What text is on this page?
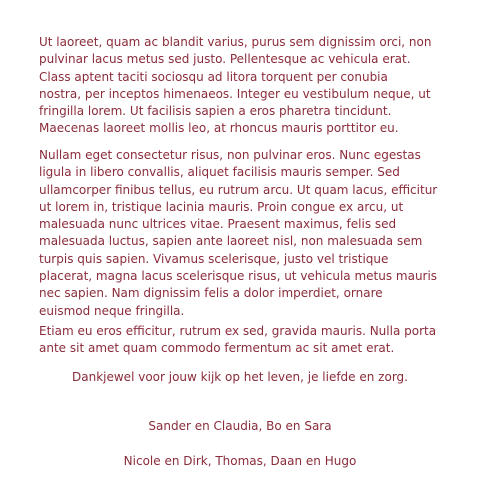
Ut laoreet, quam ac blandit varius, purus sem dignissim orci, non
pulvinar lacus metus sed justo. Pellentesque ac vehicula erat.
Class aptent taciti sociosqu ad litora torquent per conubia
nostra, per inceptos himenaeos. Integer eu vestibulum neque, ut
fringilla lorem. Ut facilisis sapien a eros pharetra tincidunt.
Maecenas laoreet mollis leo, at rhoncus mauris porttitor eu.

Nullam eget consectetur risus, non pulvinar eros. Nunc egestas
ligula in libero convallis, aliquet facilisis mauris semper. Sed
ullamcorper finibus tellus, eu rutrum arcu. Ut quam lacus, efficitur
ut lorem in, tristique lacinia mauris. Proin congue ex arcu, ut
malesuada nunc ultrices vitae. Praesent maximus, felis sed
malesuada luctus, sapien ante laoreet nisl, non malesuada sem
turpis quis sapien. Vivamus scelerisque, justo vel tristique
placerat, magna lacus scelerisque risus, ut vehicula metus mauris
nec sapien. Nam dignissim felis a dolor imperdiet, ornare
euismod neque fringilla.

Etiam eu eros efficitur, rutrum ex sed, gravida mauris. Nulla porta
ante sit amet quam commodo fermentum ac sit amet erat.

Dankjewel voor jouw kijk op het leven, je liefde en zorg.

Sander en Claudia, Bo en Sara

Nicole en Dirk, Thomas, Daan en Hugo
